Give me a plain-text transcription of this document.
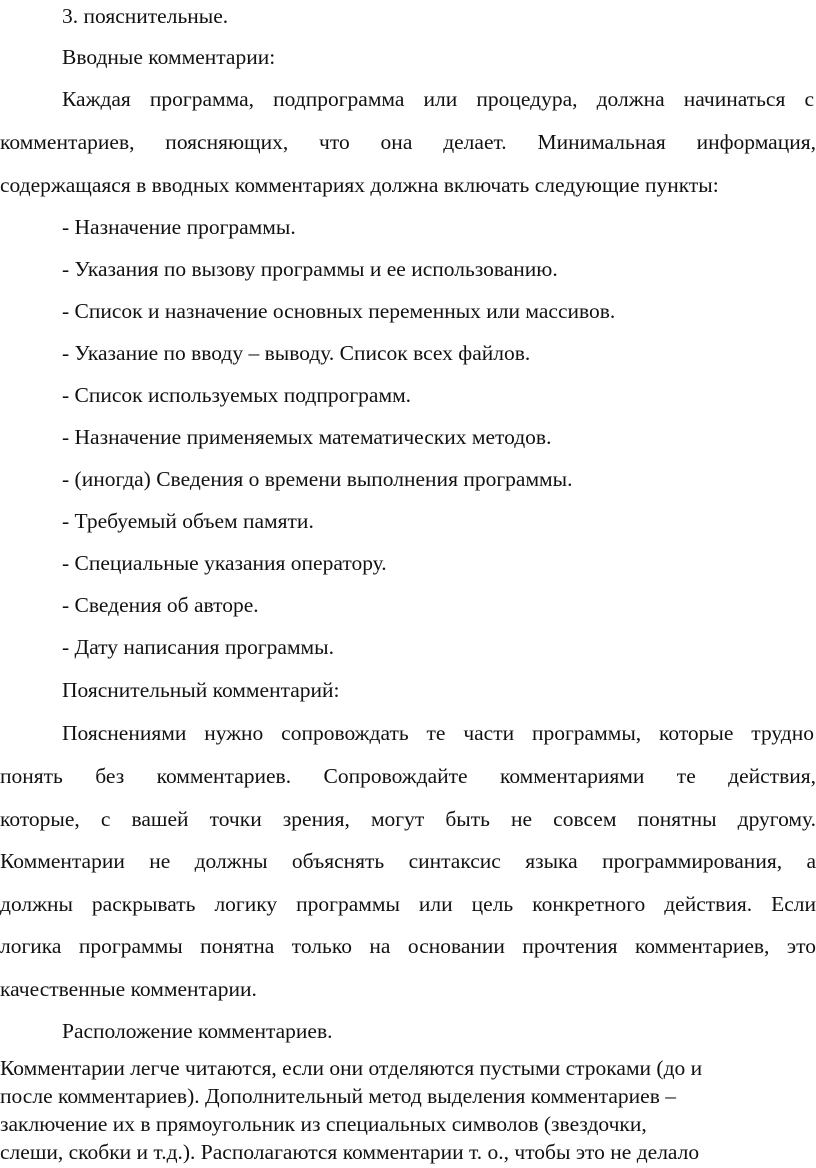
3. пояснительные.

Вводные комментарии:

Каждая программа, подпрограмма или процедура, должна начинаться с

комментариев, поясняющих, что она делает. Минимальная информация,

содержащаяся в вводных комментариях должна включать следующие пункты:

- Назначение программы.

- Указания по вызову программы и ее использованию.

- Список и назначение основных переменных или массивов.

- Указание по вводу – выводу. Список всех файлов.

- Список используемых подпрограмм.

- Назначение применяемых математических методов.

- (иногда) Сведения о времени выполнения программы.

- Требуемый объем памяти.

- Специальные указания оператору.

- Сведения об авторе.

- Дату написания программы.

Пояснительный комментарий:

Пояснениями нужно сопровождать те части программы, которые трудно

понять без комментариев. Сопровождайте комментариями те действия,

которые, с вашей точки зрения, могут быть не совсем понятны другому.

Комментарии не должны объяснять синтаксис языка программирования, а

должны раскрывать логику программы или цель конкретного действия. Если

логика программы понятна только на основании прочтения комментариев, это

качественные комментарии.

Расположение комментариев.

Комментарии легче читаются, если они отделяются пустыми строками (до и

после комментариев). Дополнительный метод выделения комментариев –

заключение их в прямоугольник из специальных символов (звездочки,

слеши, скобки и т.д.). Располагаются комментарии т. о., чтобы это не делало
